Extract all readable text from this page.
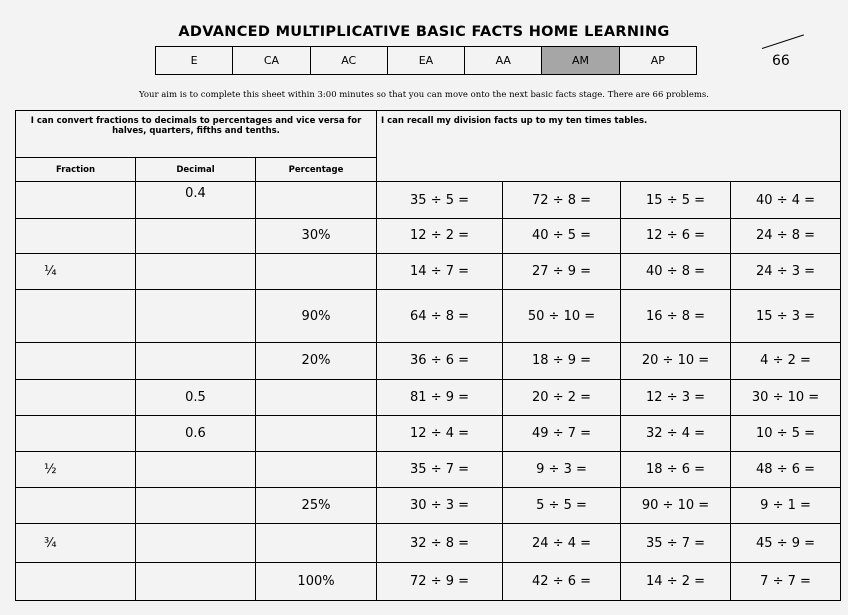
ADVANCED MULTIPLICATIVE BASIC FACTS HOME LEARNING
E	CA	AC	EA	AA	AM	AP	66
Your aim is to complete this sheet within 3:00 minutes so that you can move onto the next basic facts stage. There are 66 problems.
I can convert fractions to decimals to percentages and vice versa for halves, quarters, fifths and tenths.			I can recall my division facts up to my ten times tables.			
Fraction	Decimal	Percentage				
	0.4		35 ÷ 5 =	72 ÷ 8 =	15 ÷ 5 =	40 ÷ 4 =
		30%	12 ÷ 2 =	40 ÷ 5 =	12 ÷ 6 =	24 ÷ 8 =
¼			14 ÷ 7 =	27 ÷ 9 =	40 ÷ 8 =	24 ÷ 3 =
		90%	64 ÷ 8 =	50 ÷ 10 =	16 ÷ 8 =	15 ÷ 3 =
		20%	36 ÷ 6 =	18 ÷ 9 =	20 ÷ 10 =	4 ÷ 2 =
	0.5		81 ÷ 9 =	20 ÷ 2 =	12 ÷ 3 =	30 ÷ 10 =
	0.6		12 ÷ 4 =	49 ÷ 7 =	32 ÷ 4 =	10 ÷ 5 =
½			35 ÷ 7 =	9 ÷ 3 =	18 ÷ 6 =	48 ÷ 6 =
		25%	30 ÷ 3 =	5 ÷ 5 =	90 ÷ 10 =	9 ÷ 1 =
¾			32 ÷ 8 =	24 ÷ 4 =	35 ÷ 7 =	45 ÷ 9 =
		100%	72 ÷ 9 =	42 ÷ 6 =	14 ÷ 2 =	7 ÷ 7 =
